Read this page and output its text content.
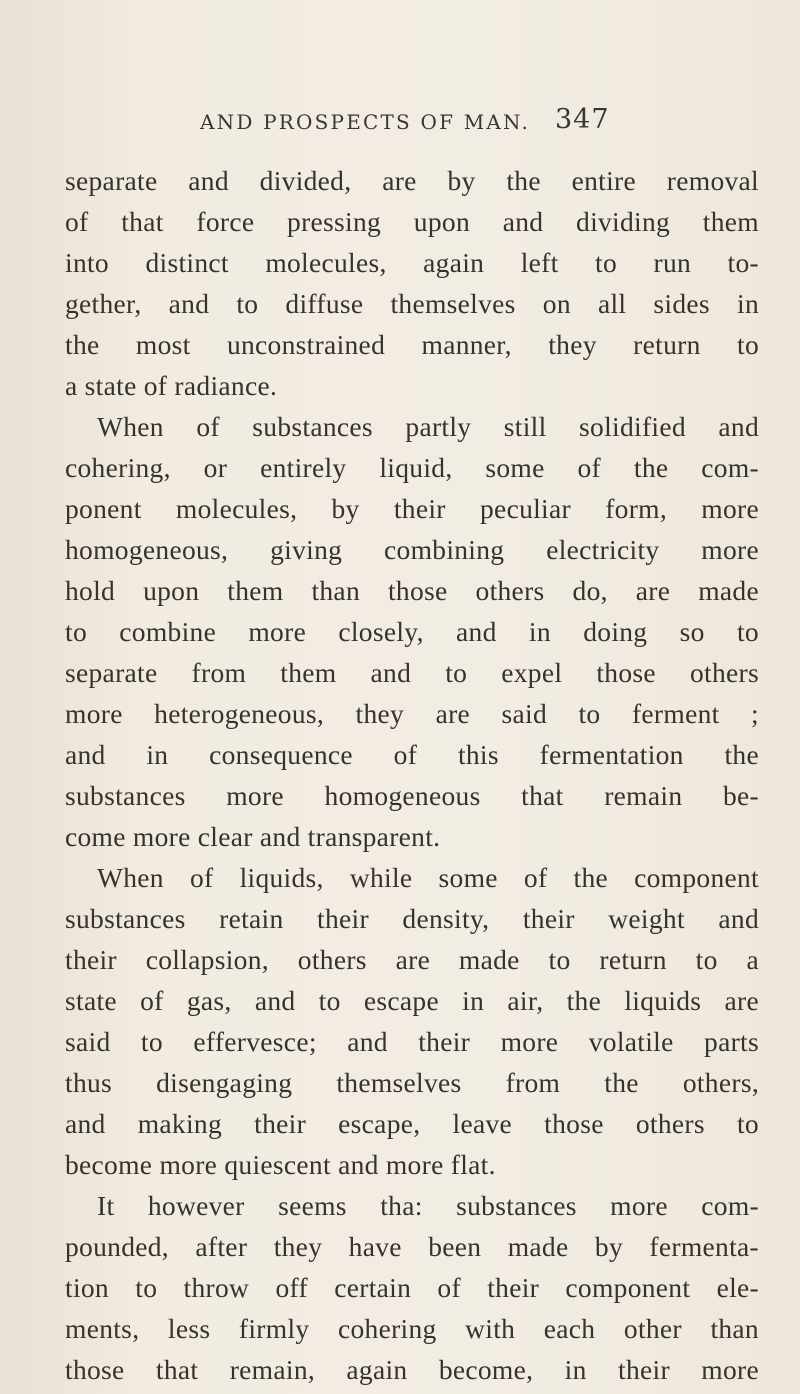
AND PROSPECTS OF MAN. 347
separate and divided, are by the entire removal
of that force pressing upon and dividing them
into distinct molecules, again left to run to-
gether, and to diffuse themselves on all sides in
the most unconstrained manner, they return to
a state of radiance.
When of substances partly still solidified and
cohering, or entirely liquid, some of the com-
ponent molecules, by their peculiar form, more
homogeneous, giving combining electricity more
hold upon them than those others do, are made
to combine more closely, and in doing so to
separate from them and to expel those others
more heterogeneous, they are said to ferment ;
and in consequence of this fermentation the
substances more homogeneous that remain be-
come more clear and transparent.
When of liquids, while some of the component
substances retain their density, their weight and
their collapsion, others are made to return to a
state of gas, and to escape in air, the liquids are
said to effervesce; and their more volatile parts
thus disengaging themselves from the others,
and making their escape, leave those others to
become more quiescent and more flat.
It however seems tha: substances more com-
pounded, after they have been made by fermenta-
tion to throw off certain of their component ele-
ments, less firmly cohering with each other than
those that remain, again become, in their more
